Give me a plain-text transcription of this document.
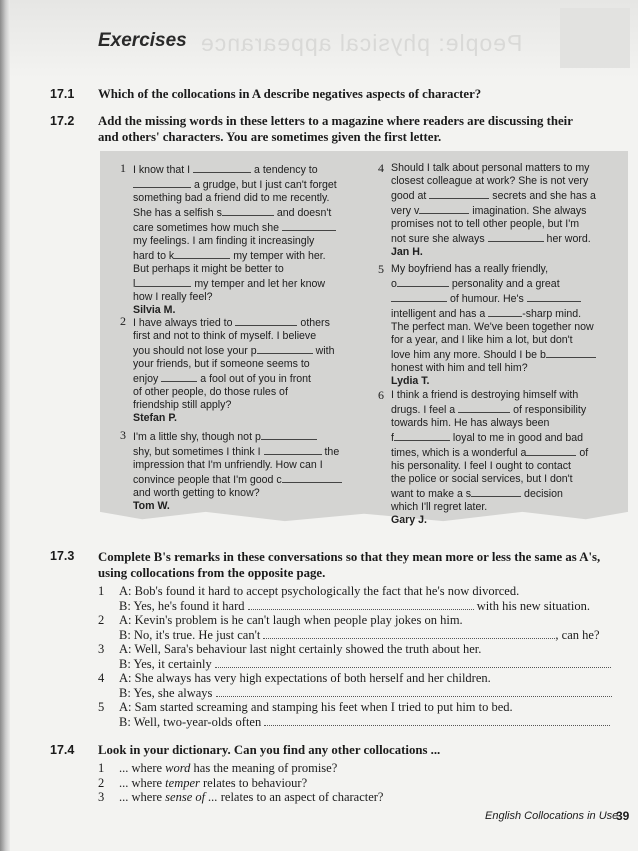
People: physical appearance
Exercises
17.1 Which of the collocations in A describe negatives aspects of character?
17.2 Add the missing words in these letters to a magazine where readers are discussing their
and others' characters. You are sometimes given the first letter.
1 I know that I	a tendency to

a grudge, but I just can't forget

something bad a friend did to me recently.

She has a selfish s	and doesn't

care sometimes how much she

my feelings. I am finding it increasingly

hard to k	my temper with her.

But perhaps it might be better to

l	my temper and let her know

how I really feel?

Silvia M.

2 I have always tried to	others

first and not to think of myself. I believe

you should not lose your p	with

your friends, but if someone seems to

enjoy	a fool out of you in front

of other people, do those rules of

friendship still apply?

Stefan P.

3 I'm a little shy, though not p

shy, but sometimes I think I	the

impression that I'm unfriendly. How can I

convince people that I'm good c

and worth getting to know?

Tom W.

4 Should I talk about personal matters to my

closest colleague at work? She is not very

good at	secrets and she has a

very v	imagination. She always

promises not to tell other people, but I'm

not sure she always	her word.

Jan H.

5 My boyfriend has a really friendly,

o	personality and a great

of humour. He's

intelligent and has a	-sharp mind.

The perfect man. We've been together now

for a year, and I like him a lot, but don't

love him any more. Should I be b

honest with him and tell him?

Lydia T.

6 I think a friend is destroying himself with

drugs. I feel a	of responsibility

towards him. He has always been

f	loyal to me in good and bad

times, which is a wonderful a	of

his personality. I feel I ought to contact

the police or social services, but I don't

want to make a s	decision

which I'll regret later.

Gary J.

17.3 Complete B's remarks in these conversations so that they mean more or less the same as A's,
using collocations from the opposite page.

1 A: Bob's found it hard to accept psychologically the fact that he's now divorced.

B: Yes, he's found it hard	with his new situation.

2 A: Kevin's problem is he can't laugh when people play jokes on him.

B: No, it's true. He just can't	, can he?

3 A: Well, Sara's behaviour last night certainly showed the truth about her.

B: Yes, it certainly

4 A: She always has very high expectations of both herself and her children.

B: Yes, she always

5 A: Sam started screaming and stamping his feet when I tried to put him to bed.

B: Well, two-year-olds often

17.4 Look in your dictionary. Can you find any other collocations ...

1 ... where word has the meaning of promise?

2 ... where temper relates to behaviour?

3 ... where sense of ... relates to an aspect of character?

English Collocations in Use
39
